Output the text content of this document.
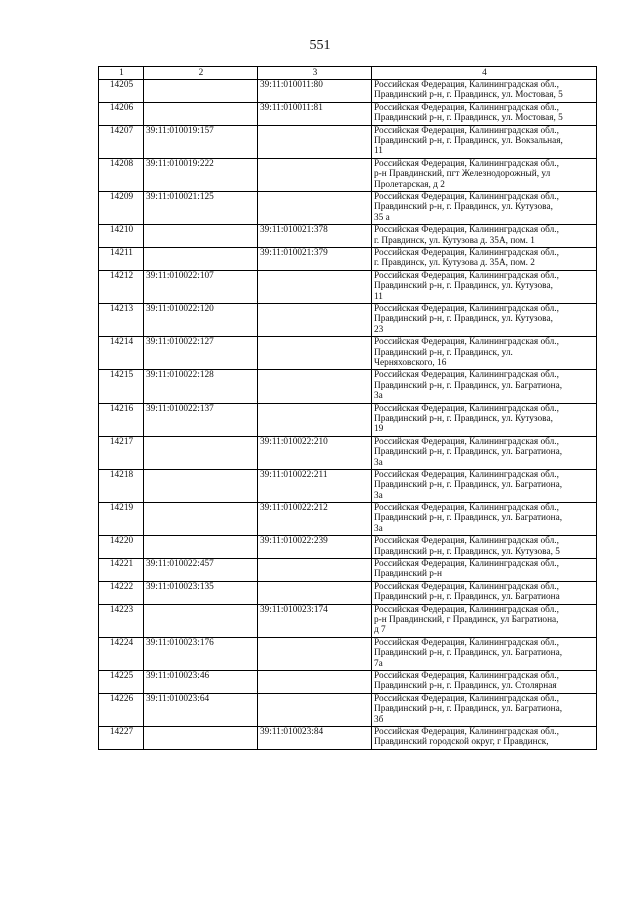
551
1	2	3	4
14205		39:11:010011:80	Российская Федерация, Калининградская обл.,
Правдинский р-н, г. Правдинск, ул. Мостовая, 5

14206		39:11:010011:81	Российская Федерация, Калининградская обл.,
Правдинский р-н, г. Правдинск, ул. Мостовая, 5

14207	39:11:010019:157		Российская Федерация, Калининградская обл.,
Правдинский р-н, г. Правдинск, ул. Вокзальная,
11

14208	39:11:010019:222		Российская Федерация, Калининградская обл.,
р-н Правдинский, пгт Железнодорожный, ул
Пролетарская, д 2

14209	39:11:010021:125		Российская Федерация, Калининградская обл.,
Правдинский р-н, г. Правдинск, ул. Кутузова,
35 а

14210		39:11:010021:378	Российская Федерация, Калининградская обл.,
г. Правдинск, ул. Кутузова д. 35А, пом. 1

14211		39:11:010021:379	Российская Федерация, Калининградская обл.,
г. Правдинск, ул. Кутузова д. 35А, пом. 2

14212	39:11:010022:107		Российская Федерация, Калининградская обл.,
Правдинский р-н, г. Правдинск, ул. Кутузова,
11

14213	39:11:010022:120		Российская Федерация, Калининградская обл.,
Правдинский р-н, г. Правдинск, ул. Кутузова,
23

14214	39:11:010022:127		Российская Федерация, Калининградская обл.,
Правдинский р-н, г. Правдинск, ул.
Черняховского, 16

14215	39:11:010022:128		Российская Федерация, Калининградская обл.,
Правдинский р-н, г. Правдинск, ул. Багратиона,
3а

14216	39:11:010022:137		Российская Федерация, Калининградская обл.,
Правдинский р-н, г. Правдинск, ул. Кутузова,
19

14217		39:11:010022:210	Российская Федерация, Калининградская обл.,
Правдинский р-н, г. Правдинск, ул. Багратиона,
3а

14218		39:11:010022:211	Российская Федерация, Калининградская обл.,
Правдинский р-н, г. Правдинск, ул. Багратиона,
3а

14219		39:11:010022:212	Российская Федерация, Калининградская обл.,
Правдинский р-н, г. Правдинск, ул. Багратиона,
3а

14220		39:11:010022:239	Российская Федерация, Калининградская обл.,
Правдинский р-н, г. Правдинск, ул. Кутузова, 5

14221	39:11:010022:457		Российская Федерация, Калининградская обл.,
Правдинский р-н

14222	39:11:010023:135		Российская Федерация, Калининградская обл.,
Правдинский р-н, г. Правдинск, ул. Багратиона

14223		39:11:010023:174	Российская Федерация, Калининградская обл.,
р-н Правдинский, г Правдинск, ул Багратиона,
д 7

14224	39:11:010023:176		Российская Федерация, Калининградская обл.,
Правдинский р-н, г. Правдинск, ул. Багратиона,
7а

14225	39:11:010023:46		Российская Федерация, Калининградская обл.,
Правдинский р-н, г. Правдинск, ул. Столярная

14226	39:11:010023:64		Российская Федерация, Калининградская обл.,
Правдинский р-н, г. Правдинск, ул. Багратиона,
3б

14227		39:11:010023:84	Российская Федерация, Калининградская обл.,
Правдинский городской округ, г Правдинск,
